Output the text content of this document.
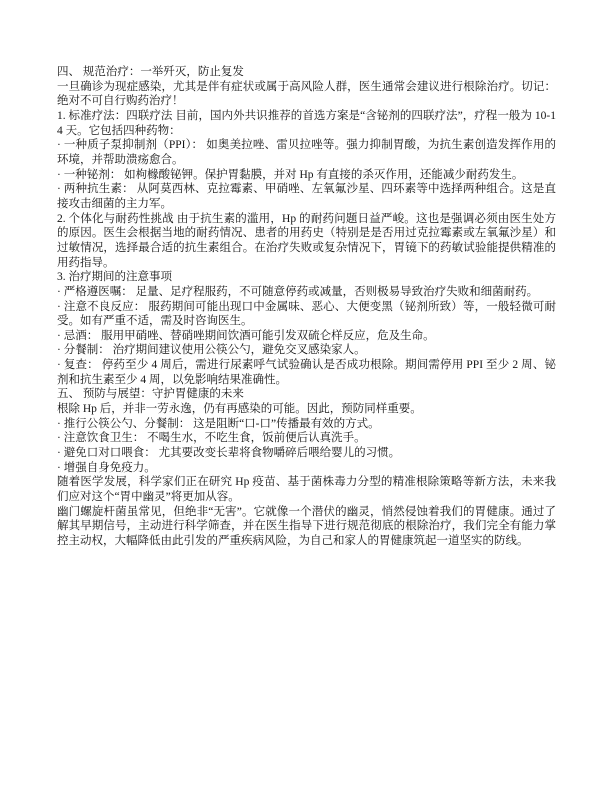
四、 规范治疗：一举歼灭，防止复发

一旦确诊为现症感染，尤其是伴有症状或属于高风险人群，医生通常会建议进行根除治疗。切记：绝对不可自行购药治疗！

1. 标准疗法：四联疗法 目前，国内外共识推荐的首选方案是“含铋剂的四联疗法”，疗程一般为 10-14 天。它包括四种药物：

· 一种质子泵抑制剂（PPI）： 如奥美拉唑、雷贝拉唑等。强力抑制胃酸，为抗生素创造发挥作用的环境，并帮助溃疡愈合。

· 一种铋剂： 如枸橼酸铋钾。保护胃黏膜，并对 Hp 有直接的杀灭作用，还能减少耐药发生。

· 两种抗生素： 从阿莫西林、克拉霉素、甲硝唑、左氧氟沙星、四环素等中选择两种组合。这是直接攻击细菌的主力军。

2. 个体化与耐药性挑战 由于抗生素的滥用，Hp 的耐药问题日益严峻。这也是强调必须由医生处方的原因。医生会根据当地的耐药情况、患者的用药史（特别是是否用过克拉霉素或左氧氟沙星）和过敏情况，选择最合适的抗生素组合。在治疗失败或复杂情况下，胃镜下的药敏试验能提供精准的用药指导。

3. 治疗期间的注意事项

· 严格遵医嘱： 足量、足疗程服药，不可随意停药或减量，否则极易导致治疗失败和细菌耐药。

· 注意不良反应： 服药期间可能出现口中金属味、恶心、大便变黑（铋剂所致）等，一般轻微可耐受。如有严重不适，需及时咨询医生。

· 忌酒： 服用甲硝唑、替硝唑期间饮酒可能引发双硫仑样反应，危及生命。

· 分餐制： 治疗期间建议使用公筷公勺，避免交叉感染家人。

· 复查： 停药至少 4 周后，需进行尿素呼气试验确认是否成功根除。期间需停用 PPI 至少 2 周、铋剂和抗生素至少 4 周，以免影响结果准确性。

五、 预防与展望：守护胃健康的未来

根除 Hp 后，并非一劳永逸，仍有再感染的可能。因此，预防同样重要。

· 推行公筷公勺、分餐制： 这是阻断“口-口”传播最有效的方式。

· 注意饮食卫生： 不喝生水，不吃生食，饭前便后认真洗手。

· 避免口对口喂食： 尤其要改变长辈将食物嚼碎后喂给婴儿的习惯。

· 增强自身免疫力。

随着医学发展，科学家们正在研究 Hp 疫苗、基于菌株毒力分型的精准根除策略等新方法，未来我们应对这个“胃中幽灵”将更加从容。

幽门螺旋杆菌虽常见，但绝非“无害”。它就像一个潜伏的幽灵，悄然侵蚀着我们的胃健康。通过了解其早期信号，主动进行科学筛查，并在医生指导下进行规范彻底的根除治疗，我们完全有能力掌控主动权，大幅降低由此引发的严重疾病风险，为自己和家人的胃健康筑起一道坚实的防线。
